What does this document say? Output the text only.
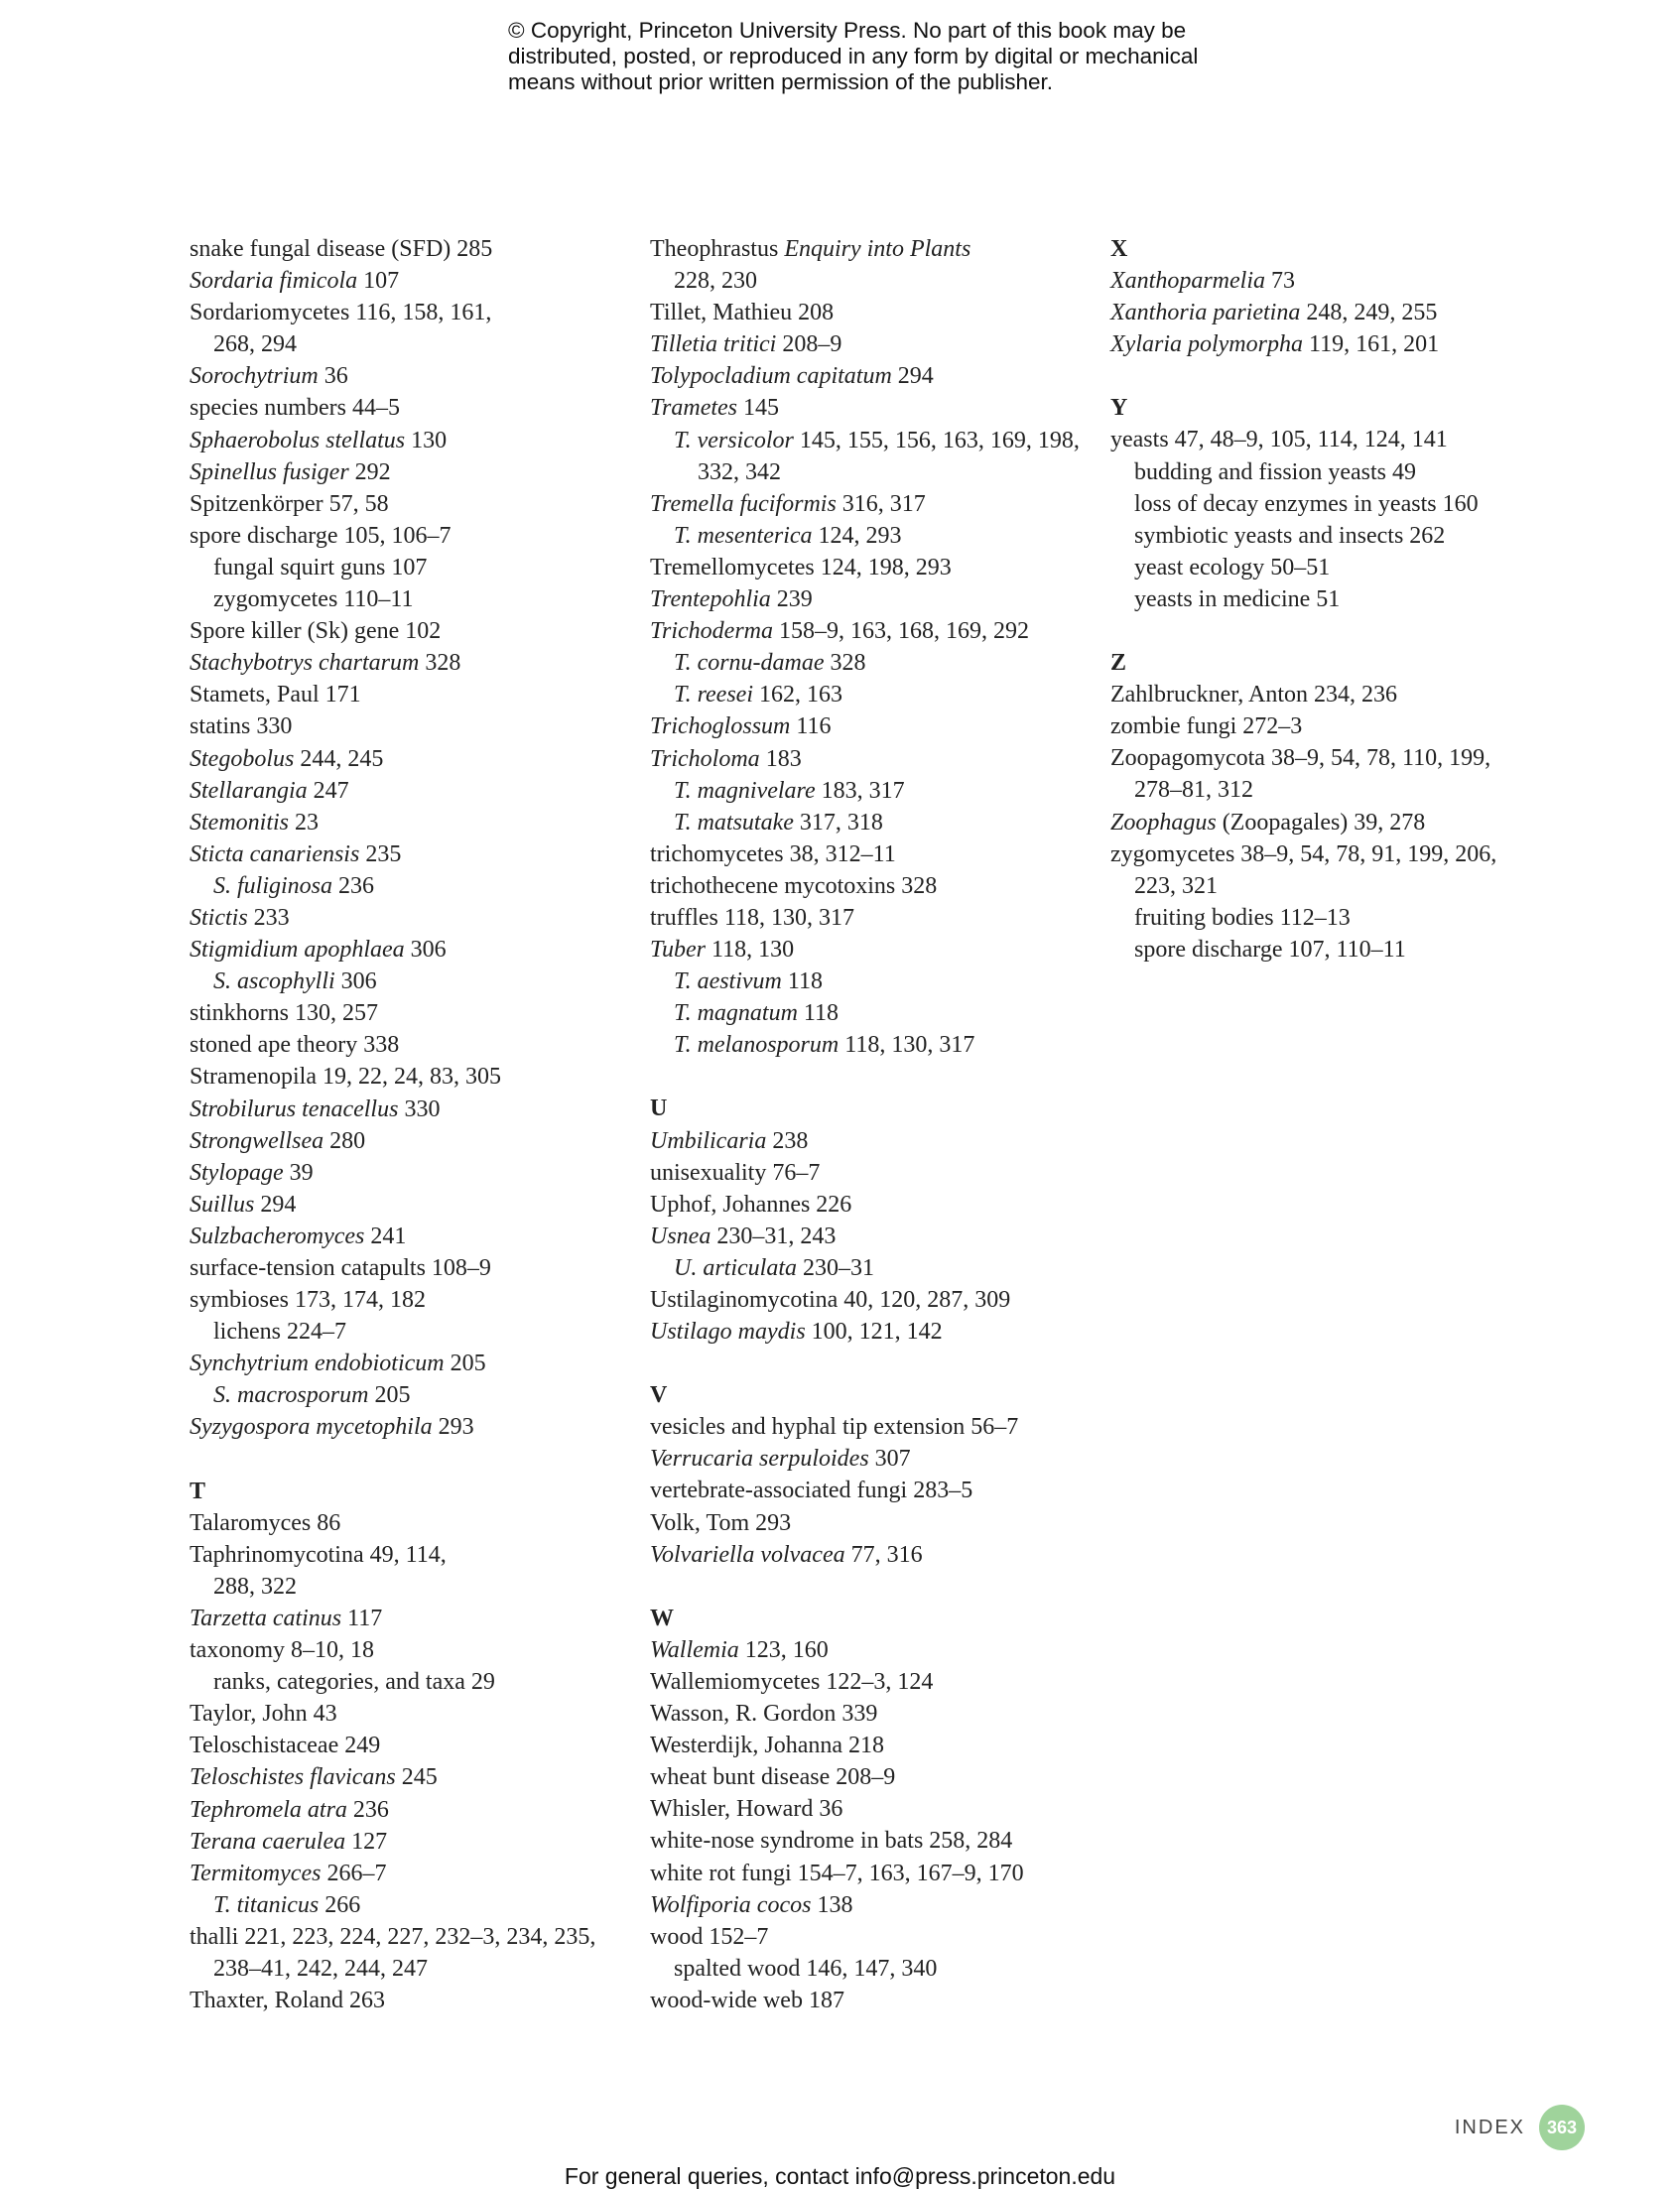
© Copyright, Princeton University Press. No part of this book may be distributed, posted, or reproduced in any form by digital or mechanical means without prior written permission of the publisher.
snake fungal disease (SFD) 285
Sordaria fimicola 107
Sordariomycetes 116, 158, 161,
268, 294
Sorochytrium 36
species numbers 44–5
Sphaerobolus stellatus 130
Spinellus fusiger 292
Spitzenkörper 57, 58
spore discharge 105, 106–7
fungal squirt guns 107
zygomycetes 110–11
Spore killer (Sk) gene 102
Stachybotrys chartarum 328
Stamets, Paul 171
statins 330
Stegobolus 244, 245
Stellarangia 247
Stemonitis 23
Sticta canariensis 235
S. fuliginosa 236
Stictis 233
Stigmidium apophlaea 306
S. ascophylli 306
stinkhorns 130, 257
stoned ape theory 338
Stramenopila 19, 22, 24, 83, 305
Strobilurus tenacellus 330
Strongwellsea 280
Stylopage 39
Suillus 294
Sulzbacheromyces 241
surface-tension catapults 108–9
symbioses 173, 174, 182
lichens 224–7
Synchytrium endobioticum 205
S. macrosporum 205
Syzygospora mycetophila 293
T
Talaromyces 86
Taphrinomycotina 49, 114,
288, 322
Tarzetta catinus 117
taxonomy 8–10, 18
ranks, categories, and taxa 29
Taylor, John 43
Teloschistaceae 249
Teloschistes flavicans 245
Tephromela atra 236
Terana caerulea 127
Termitomyces 266–7
T. titanicus 266
thalli 221, 223, 224, 227, 232–3, 234, 235,
238–41, 242, 244, 247
Thaxter, Roland 263
Theophrastus Enquiry into Plants
228, 230
Tillet, Mathieu 208
Tilletia tritici 208–9
Tolypocladium capitatum 294
Trametes 145
T. versicolor 145, 155, 156, 163, 169, 198,
332, 342
Tremella fuciformis 316, 317
T. mesenterica 124, 293
Tremellomycetes 124, 198, 293
Trentepohlia 239
Trichoderma 158–9, 163, 168, 169, 292
T. cornu-damae 328
T. reesei 162, 163
Trichoglossum 116
Tricholoma 183
T. magnivelare 183, 317
T. matsutake 317, 318
trichomycetes 38, 312–11
trichothecene mycotoxins 328
truffles 118, 130, 317
Tuber 118, 130
T. aestivum 118
T. magnatum 118
T. melanosporum 118, 130, 317
U
Umbilicaria 238
unisexuality 76–7
Uphof, Johannes 226
Usnea 230–31, 243
U. articulata 230–31
Ustilaginomycotina 40, 120, 287, 309
Ustilago maydis 100, 121, 142
V
vesicles and hyphal tip extension 56–7
Verrucaria serpuloides 307
vertebrate-associated fungi 283–5
Volk, Tom 293
Volvariella volvacea 77, 316
W
Wallemia 123, 160
Wallemiomycetes 122–3, 124
Wasson, R. Gordon 339
Westerdijk, Johanna 218
wheat bunt disease 208–9
Whisler, Howard 36
white-nose syndrome in bats 258, 284
white rot fungi 154–7, 163, 167–9, 170
Wolfiporia cocos 138
wood 152–7
spalted wood 146, 147, 340
wood-wide web 187
X
Xanthoparmelia 73
Xanthoria parietina 248, 249, 255
Xylaria polymorpha 119, 161, 201
Y
yeasts 47, 48–9, 105, 114, 124, 141
budding and fission yeasts 49
loss of decay enzymes in yeasts 160
symbiotic yeasts and insects 262
yeast ecology 50–51
yeasts in medicine 51
Z
Zahlbruckner, Anton 234, 236
zombie fungi 272–3
Zoopagomycota 38–9, 54, 78, 110, 199,
278–81, 312
Zoophagus (Zoopagales) 39, 278
zygomycetes 38–9, 54, 78, 91, 199, 206,
223, 321
fruiting bodies 112–13
spore discharge 107, 110–11
INDEX	363
For general queries, contact info@press.princeton.edu
